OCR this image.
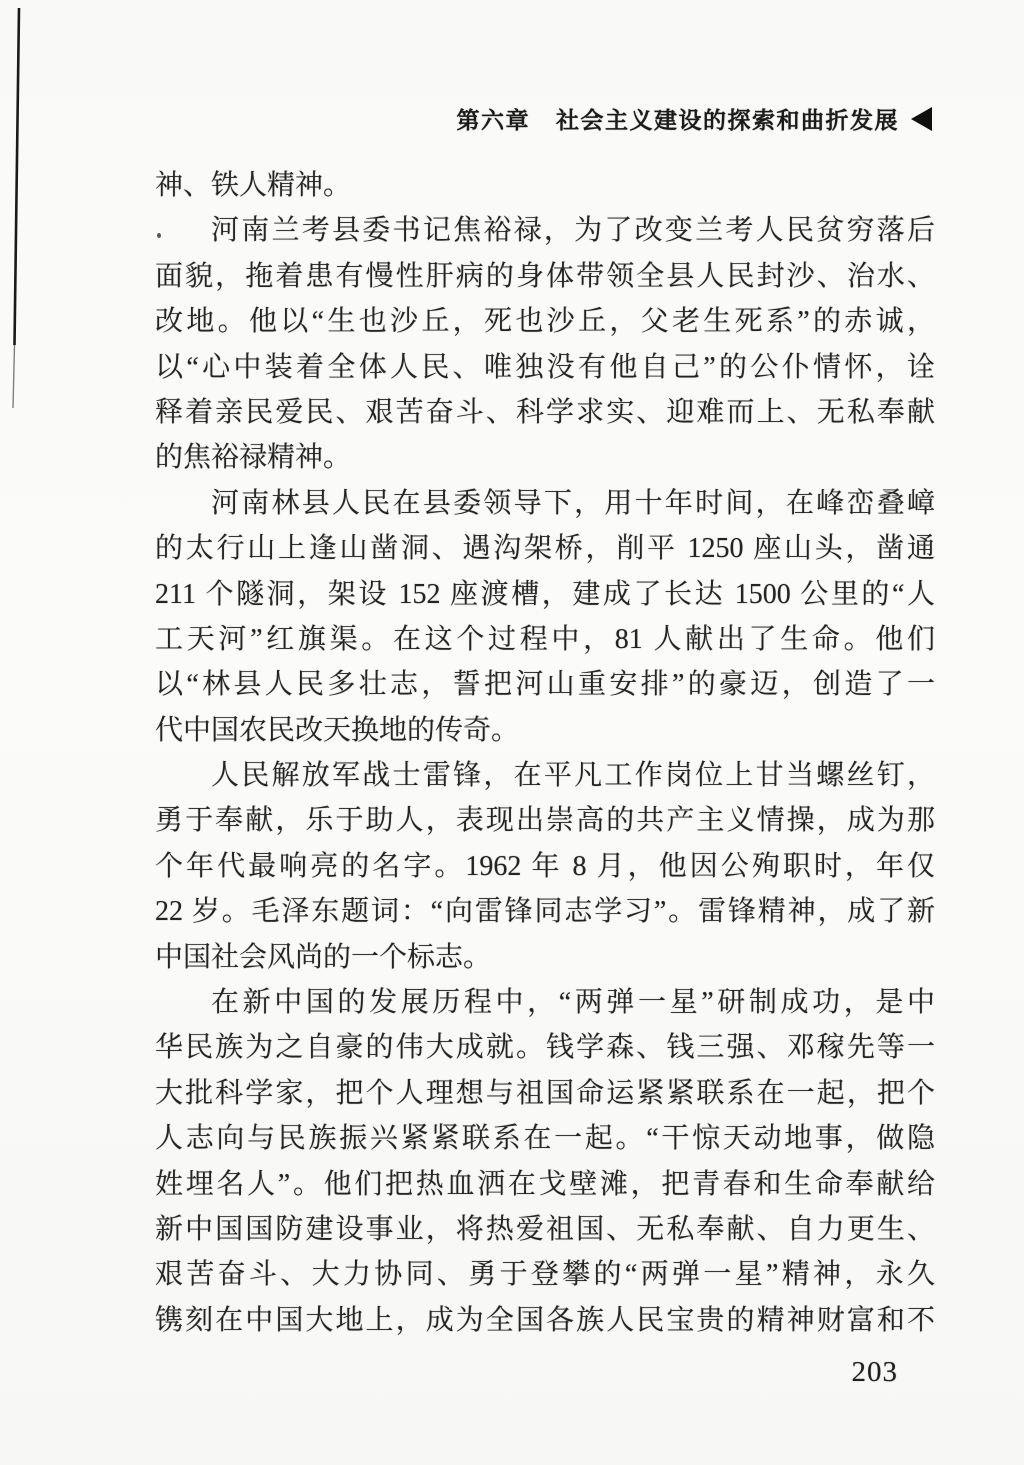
第六章 社会主义建设的探索和曲折发展
神、铁人精神。
河南兰考县委书记焦裕禄，为了改变兰考人民贫穷落后
面貌，拖着患有慢性肝病的身体带领全县人民封沙、治水、
改地。他以“生也沙丘，死也沙丘，父老生死系”的赤诚，
以“心中装着全体人民、唯独没有他自己”的公仆情怀，诠
释着亲民爱民、艰苦奋斗、科学求实、迎难而上、无私奉献
的焦裕禄精神。
河南林县人民在县委领导下，用十年时间，在峰峦叠嶂
的太行山上逢山凿洞、遇沟架桥，削平 1250 座山头，凿通
211 个隧洞，架设 152 座渡槽，建成了长达 1500 公里的“人
工天河”红旗渠。在这个过程中，81 人献出了生命。他们
以“林县人民多壮志，誓把河山重安排”的豪迈，创造了一
代中国农民改天换地的传奇。
人民解放军战士雷锋，在平凡工作岗位上甘当螺丝钉，
勇于奉献，乐于助人，表现出崇高的共产主义情操，成为那
个年代最响亮的名字。1962 年 8 月，他因公殉职时，年仅
22 岁。毛泽东题词：“向雷锋同志学习”。雷锋精神，成了新
中国社会风尚的一个标志。
在新中国的发展历程中，“两弹一星”研制成功，是中
华民族为之自豪的伟大成就。钱学森、钱三强、邓稼先等一
大批科学家，把个人理想与祖国命运紧紧联系在一起，把个
人志向与民族振兴紧紧联系在一起。“干惊天动地事，做隐
姓埋名人”。他们把热血洒在戈壁滩，把青春和生命奉献给
新中国国防建设事业，将热爱祖国、无私奉献、自力更生、
艰苦奋斗、大力协同、勇于登攀的“两弹一星”精神，永久
镌刻在中国大地上，成为全国各族人民宝贵的精神财富和不
203
